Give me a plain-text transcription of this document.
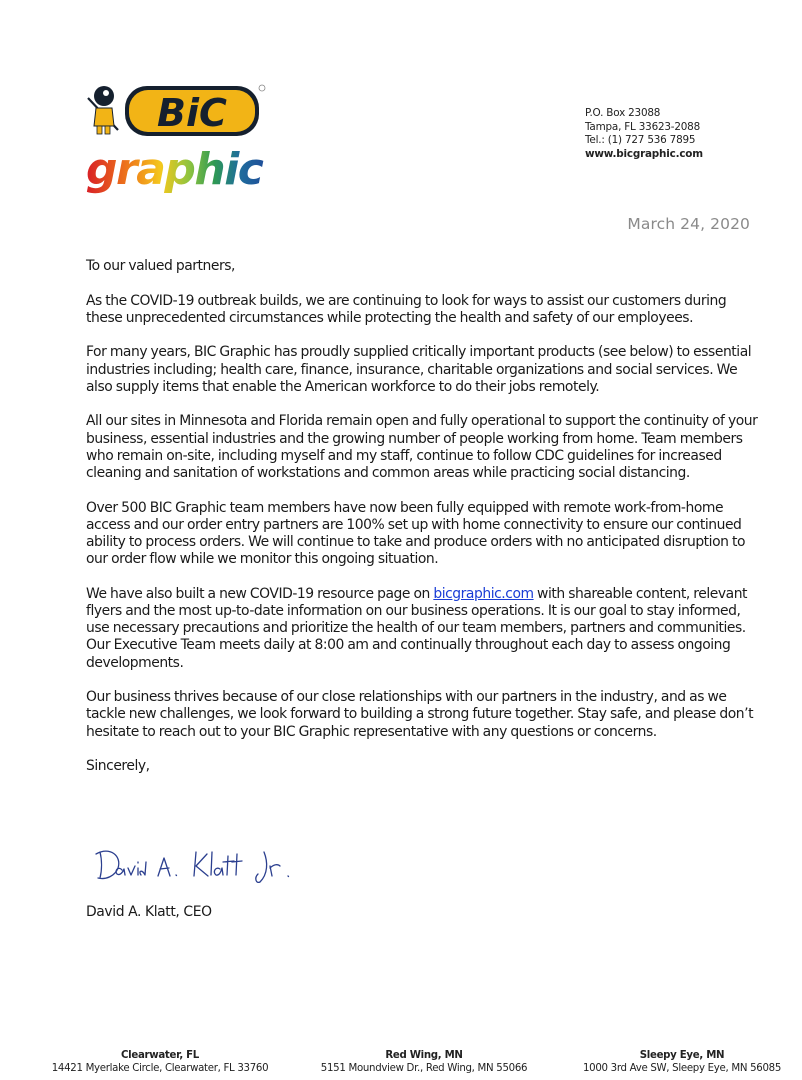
BiC
graphic
P.O. Box 23088
Tampa, FL 33623-2088
Tel.: (1) 727 536 7895
www.bicgraphic.com
March 24, 2020

To our valued partners,

As the COVID-19 outbreak builds, we are continuing to look for ways to assist our customers during these unprecedented circumstances while protecting the health and safety of our employees.

For many years, BIC Graphic has proudly supplied critically important products (see below) to essential industries including; health care, finance, insurance, charitable organizations and social services. We also supply items that enable the American workforce to do their jobs remotely.

All our sites in Minnesota and Florida remain open and fully operational to support the continuity of your business, essential industries and the growing number of people working from home. Team members who remain on-site, including myself and my staff, continue to follow CDC guidelines for increased cleaning and sanitation of workstations and common areas while practicing social distancing.

Over 500 BIC Graphic team members have now been fully equipped with remote work-from-home access and our order entry partners are 100% set up with home connectivity to ensure our continued ability to process orders. We will continue to take and produce orders with no anticipated disruption to our order flow while we monitor this ongoing situation.

We have also built a new COVID-19 resource page on bicgraphic.com with shareable content, relevant flyers and the most up-to-date information on our business operations. It is our goal to stay informed, use necessary precautions and prioritize the health of our team members, partners and communities. Our Executive Team meets daily at 8:00 am and continually throughout each day to assess ongoing developments.

Our business thrives because of our close relationships with our partners in the industry, and as we tackle new challenges, we look forward to building a strong future together. Stay safe, and please don’t hesitate to reach out to your BIC Graphic representative with any questions or concerns.

Sincerely,

David A. Klatt Jr.
David A. Klatt, CEO
Clearwater, FL
14421 Myerlake Circle, Clearwater, FL 33760
Red Wing, MN
5151 Moundview Dr., Red Wing, MN 55066
Sleepy Eye, MN
1000 3rd Ave SW, Sleepy Eye, MN 56085
